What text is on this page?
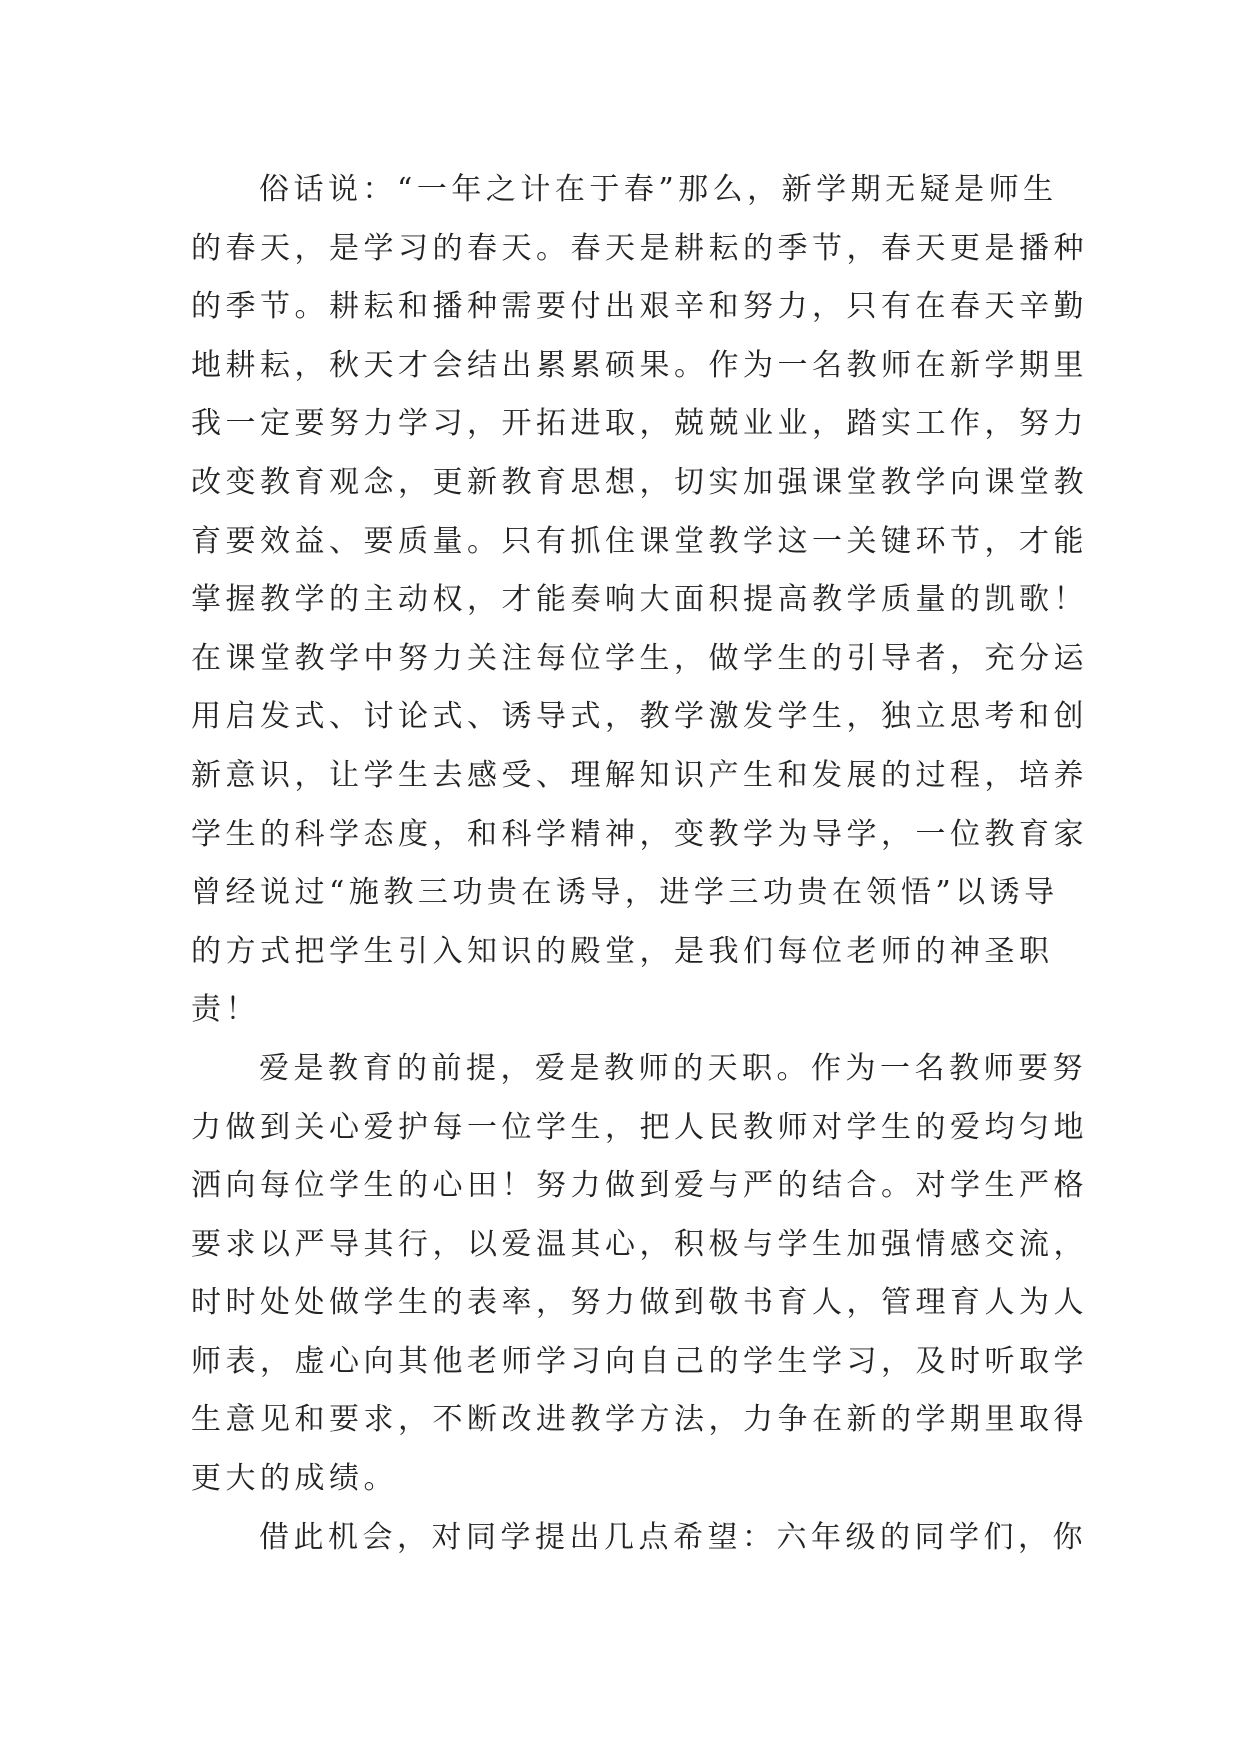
俗话说：“一年之计在于春”那么，新学期无疑是师生
的春天，是学习的春天。春天是耕耘的季节，春天更是播种
的季节。耕耘和播种需要付出艰辛和努力，只有在春天辛勤
地耕耘，秋天才会结出累累硕果。作为一名教师在新学期里
我一定要努力学习，开拓进取，兢兢业业，踏实工作，努力
改变教育观念，更新教育思想，切实加强课堂教学向课堂教
育要效益、要质量。只有抓住课堂教学这一关键环节，才能
掌握教学的主动权，才能奏响大面积提高教学质量的凯歌！
在课堂教学中努力关注每位学生，做学生的引导者，充分运
用启发式、讨论式、诱导式，教学激发学生，独立思考和创
新意识，让学生去感受、理解知识产生和发展的过程，培养
学生的科学态度，和科学精神，变教学为导学，一位教育家
曾经说过“施教三功贵在诱导，进学三功贵在领悟”以诱导
的方式把学生引入知识的殿堂，是我们每位老师的神圣职
责！
爱是教育的前提，爱是教师的天职。作为一名教师要努
力做到关心爱护每一位学生，把人民教师对学生的爱均匀地
洒向每位学生的心田！努力做到爱与严的结合。对学生严格
要求以严导其行，以爱温其心，积极与学生加强情感交流，
时时处处做学生的表率，努力做到敬书育人，管理育人为人
师表，虚心向其他老师学习向自己的学生学习，及时听取学
生意见和要求，不断改进教学方法，力争在新的学期里取得
更大的成绩。
借此机会，对同学提出几点希望：六年级的同学们，你
